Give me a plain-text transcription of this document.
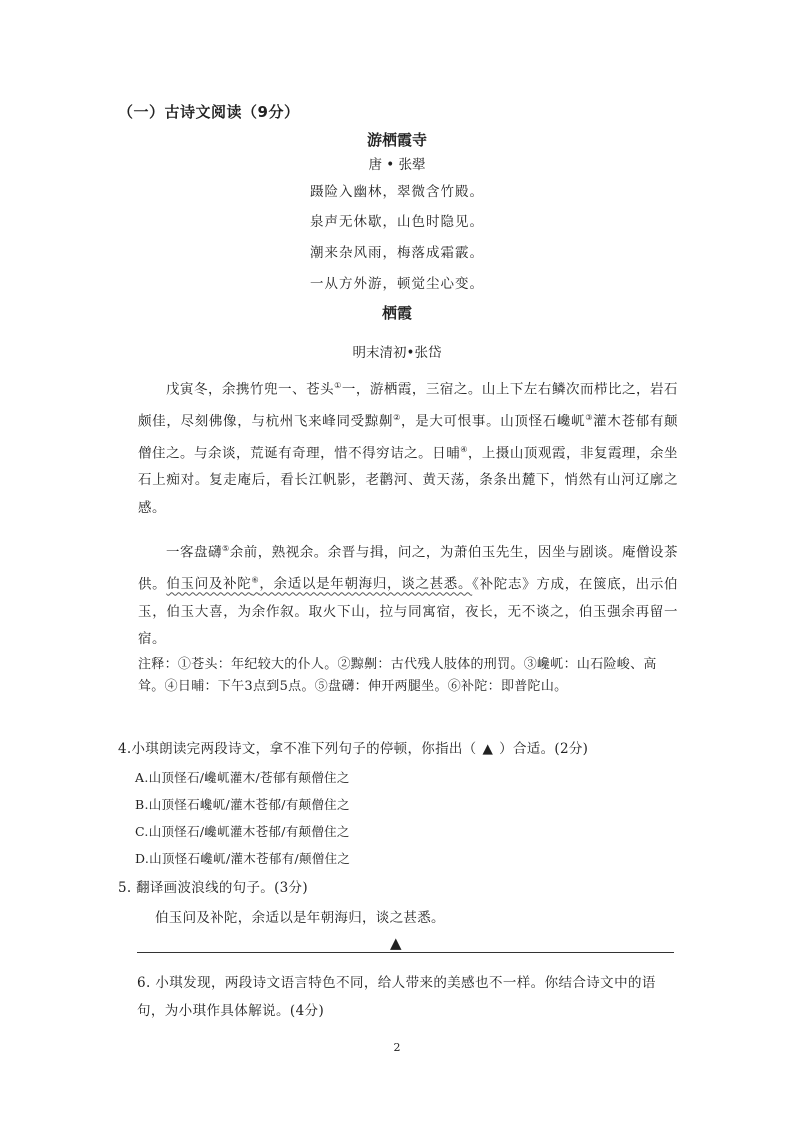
（一）古诗文阅读（9分）
游栖霞寺
唐 • 张翚
蹑险入幽林，翠微含竹殿。
泉声无休歇，山色时隐见。
潮来杂风雨，梅落成霜霰。
一从方外游，顿觉尘心变。
栖霞
明末清初•张岱

戊寅冬，余携竹兜一、苍头①一，游栖霞，三宿之。山上下左右鳞次而栉比之，岩石颇佳，尽刻佛像，与杭州飞来峰同受黥劓②，是大可恨事。山顶怪石巉屼③灌木苍郁有颠僧住之。与余谈，荒诞有奇理，惜不得穷诘之。日晡④，上摄山顶观霞，非复霞理，余坐石上痴对。复走庵后，看长江帆影，老鹳河、黄天荡，条条出麓下，悄然有山河辽廓之感。

一客盘礴⑤余前，熟视余。余晋与揖，问之，为萧伯玉先生，因坐与剧谈。庵僧设茶供。伯玉问及补陀⑥，余适以是年朝海归，谈之甚悉。《补陀志》方成，在箧底，出示伯玉，伯玉大喜，为余作叙。取火下山，拉与同寓宿，夜长，无不谈之，伯玉强余再留一宿。

注释：①苍头：年纪较大的仆人。②黥劓：古代残人肢体的刑罚。③巉屼：山石险峻、高耸。④日晡：下午3点到5点。⑤盘礴：伸开两腿坐。⑥补陀：即普陀山。

4.小琪朗读完两段诗文，拿不准下列句子的停顿，你指出（ ▲ ）合适。(2分)
A.山顶怪石/巉屼灌木/苍郁有颠僧住之
B.山顶怪石巉屼/灌木苍郁/有颠僧住之
C.山顶怪石/巉屼灌木苍郁/有颠僧住之
D.山顶怪石巉屼/灌木苍郁有/颠僧住之
5. 翻译画波浪线的句子。(3分)
伯玉问及补陀，余适以是年朝海归，谈之甚悉。
▲

6. 小琪发现，两段诗文语言特色不同，给人带来的美感也不一样。你结合诗文中的语句，为小琪作具体解说。(4分)

2
